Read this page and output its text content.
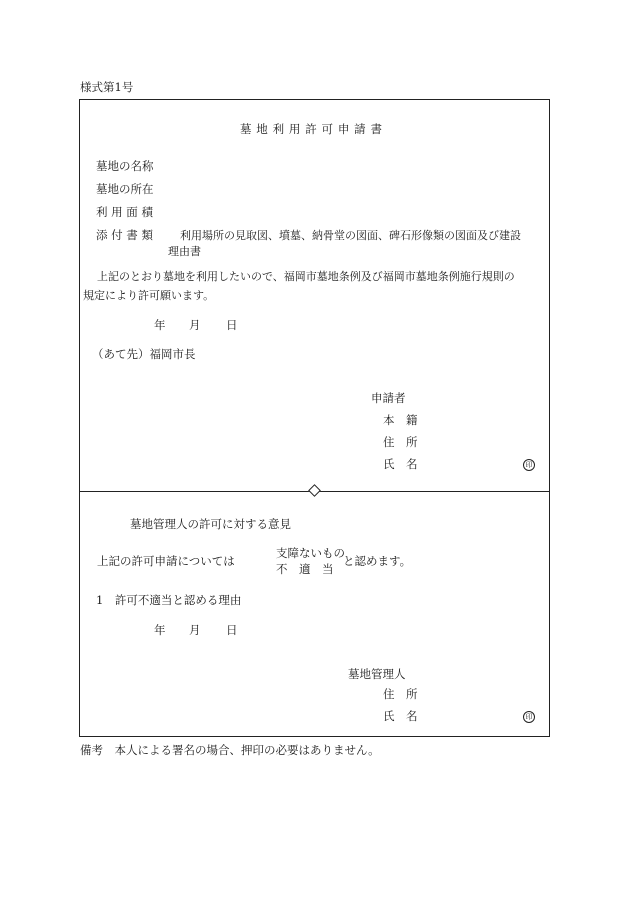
様式第1号
墓 地 利 用 許 可 申 請 書
墓地の名称
墓地の所在
利 用 面 積
添 付 書 類 利用場所の見取図、墳墓、納骨堂の図面、碑石形像類の図面及び建設
理由書
上記のとおり墓地を利用したいので、福岡市墓地条例及び福岡市墓地条例施行規則の
規定により許可願います。
年 月 日
（あて先）福岡市長
申請者
本　籍
住　所
氏　名	印
墓地管理人の許可に対する意見
上記の許可申請については
支障ないもの
不　適　当
と認めます。
1　許可不適当と認める理由
年 月 日
墓地管理人
住　所
氏　名	印
備考　本人による署名の場合、押印の必要はありません。
